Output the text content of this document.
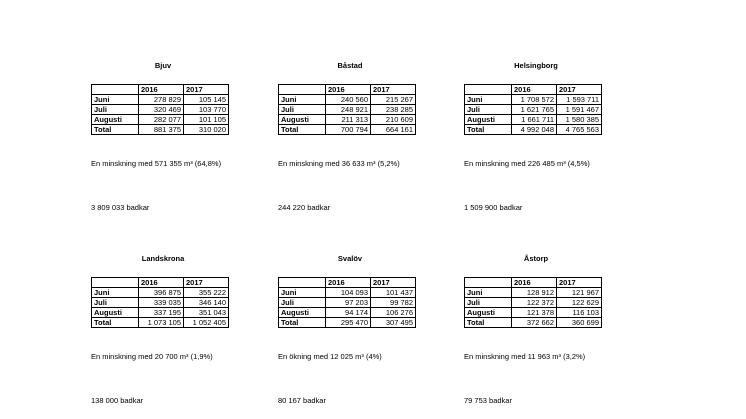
Bjuv
	2016	2017
Juni	278 829	105 145
Juli	320 469	103 770
Augusti	282 077	101 105
Total	881 375	310 020
En minskning med 571 355 m³ (64,8%)
3 809 033 badkar
Båstad
	2016	2017
Juni	240 560	215 267
Juli	248 921	238 285
Augusti	211 313	210 609
Total	700 794	664 161
En minskning med 36 633 m³ (5,2%)
244 220 badkar
Helsingborg
	2016	2017
Juni	1 708 572	1 593 711
Juli	1 621 765	1 591 467
Augusti	1 661 711	1 580 385
Total	4 992 048	4 765 563
En minskning med 226 485 m³ (4,5%)
1 509 900 badkar
Landskrona
	2016	2017
Juni	396 875	355 222
Juli	339 035	346 140
Augusti	337 195	351 043
Total	1 073 105	1 052 405
En minskning med 20 700 m³ (1,9%)
138 000 badkar
Svalöv
	2016	2017
Juni	104 093	101 437
Juli	97 203	99 782
Augusti	94 174	106 276
Total	295 470	307 495
En ökning med 12 025 m³ (4%)
80 167 badkar
Åstorp
	2016	2017
Juni	128 912	121 967
Juli	122 372	122 629
Augusti	121 378	116 103
Total	372 662	360 699
En minskning med 11 963 m³ (3,2%)
79 753 badkar
